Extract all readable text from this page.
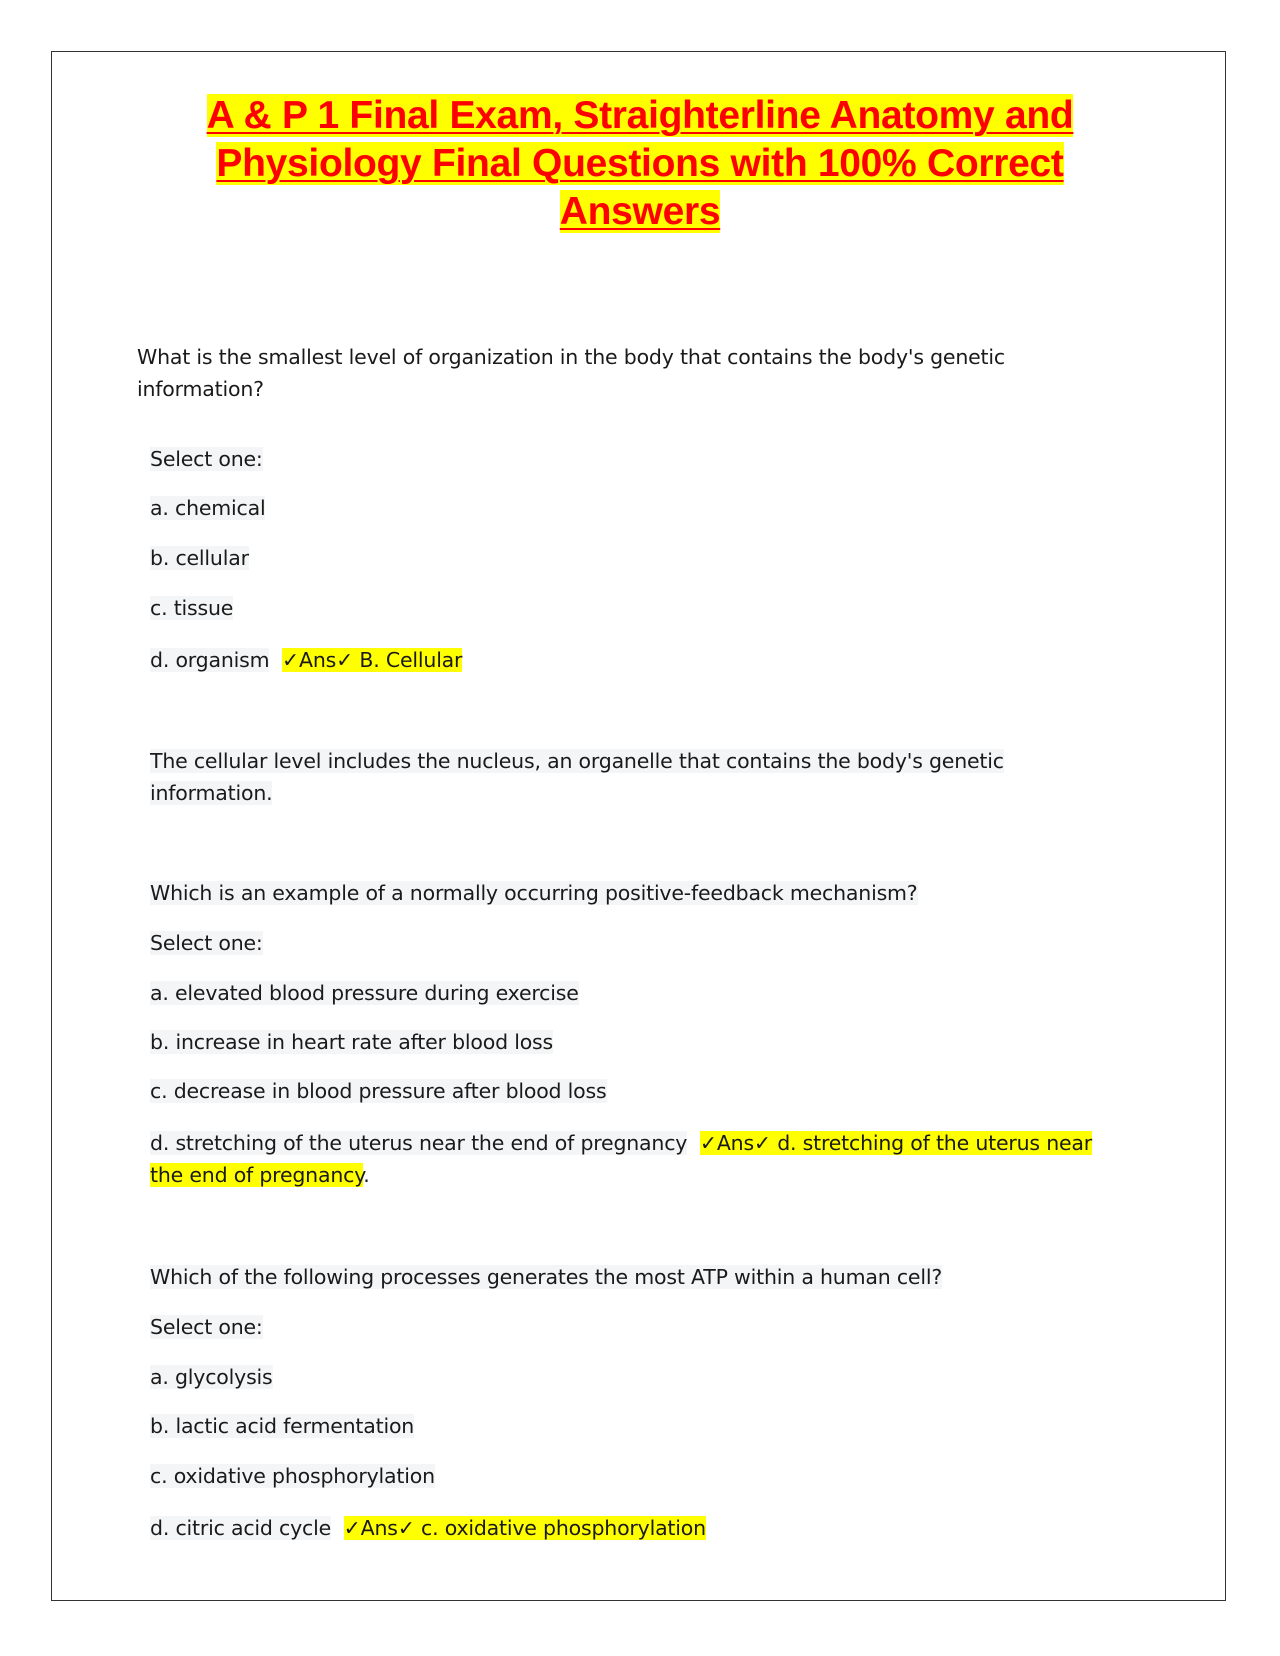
A & P 1 Final Exam, Straighterline Anatomy and
Physiology Final Questions with 100% Correct
Answers
What is the smallest level of organization in the body that contains the body's genetic
information?
Select one:
a. chemical
b. cellular
c. tissue
d. organism ✓Ans✓ B. Cellular
The cellular level includes the nucleus, an organelle that contains the body's genetic
information.
Which is an example of a normally occurring positive-feedback mechanism?
Select one:
a. elevated blood pressure during exercise
b. increase in heart rate after blood loss
c. decrease in blood pressure after blood loss
d. stretching of the uterus near the end of pregnancy ✓Ans✓ d. stretching of the uterus near
the end of pregnancy.
Which of the following processes generates the most ATP within a human cell?
Select one:
a. glycolysis
b. lactic acid fermentation
c. oxidative phosphorylation
d. citric acid cycle ✓Ans✓ c. oxidative phosphorylation
